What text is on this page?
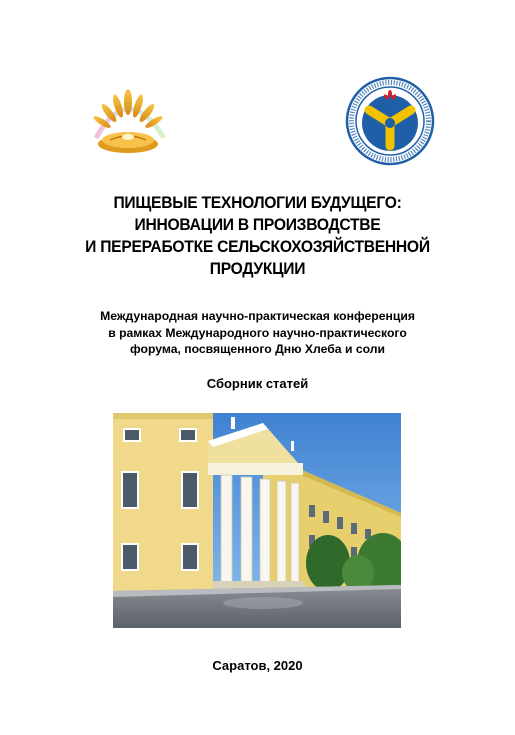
ПИЩЕВЫЕ ТЕХНОЛОГИИ БУДУЩЕГО:
ИННОВАЦИИ В ПРОИЗВОДСТВЕ
И ПЕРЕРАБОТКЕ СЕЛЬСКОХОЗЯЙСТВЕННОЙ
ПРОДУКЦИИ
Международная научно-практическая конференция
в рамках Международного научно-практического
форума, посвященного Дню Хлеба и соли
Сборник статей
Саратов, 2020
